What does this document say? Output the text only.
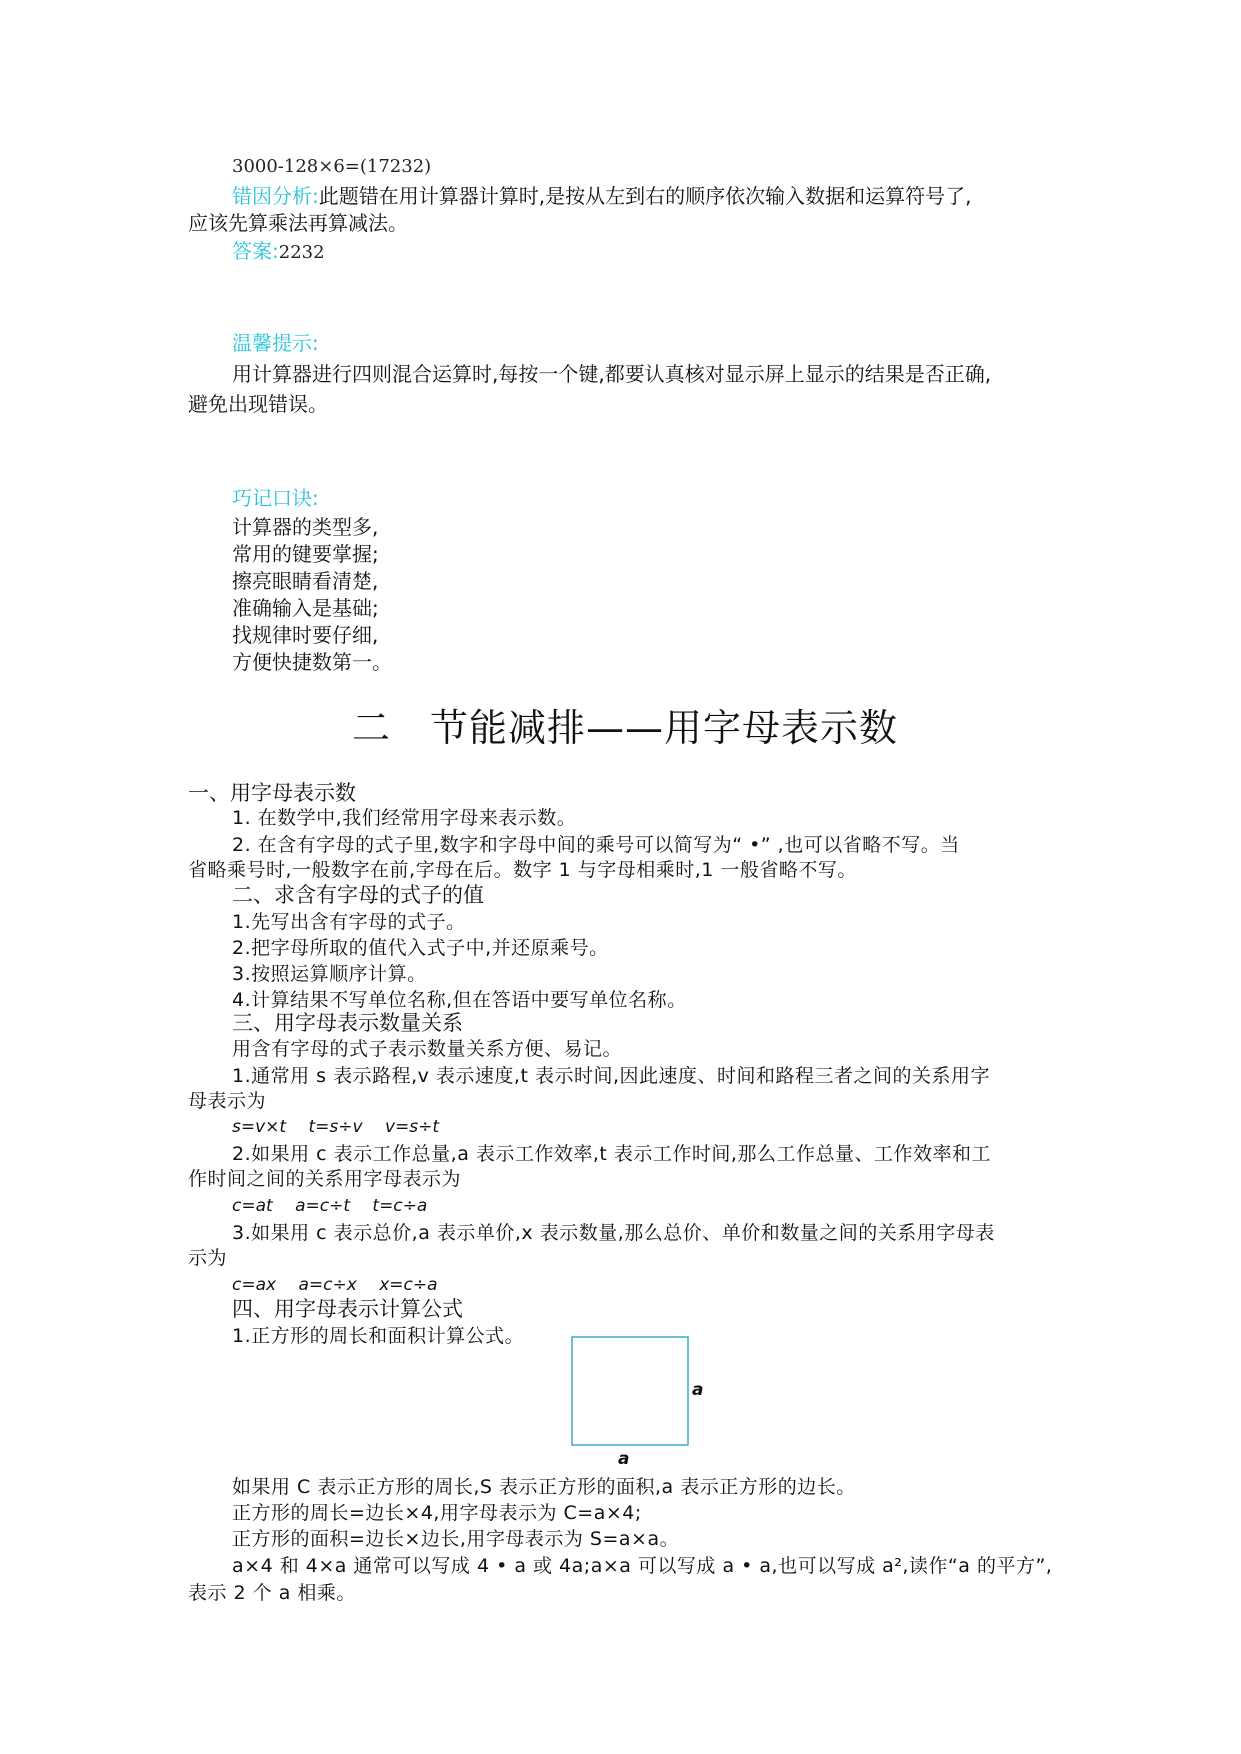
3000-128×6=(17232)
错因分析:此题错在用计算器计算时,是按从左到右的顺序依次输入数据和运算符号了,
应该先算乘法再算减法。
答案:2232
温馨提示:
用计算器进行四则混合运算时,每按一个键,都要认真核对显示屏上显示的结果是否正确,
避免出现错误。
巧记口诀:
计算器的类型多,
常用的键要掌握;
擦亮眼睛看清楚,
准确输入是基础;
找规律时要仔细,
方便快捷数第一。
二　节能减排——用字母表示数
一、用字母表示数
1. 在数学中,我们经常用字母来表示数。
2. 在含有字母的式子里,数字和字母中间的乘号可以简写为“ •” ,也可以省略不写。当
省略乘号时,一般数字在前,字母在后。数字 1 与字母相乘时,1 一般省略不写。
二、求含有字母的式子的值
1.先写出含有字母的式子。
2.把字母所取的值代入式子中,并还原乘号。
3.按照运算顺序计算。
4.计算结果不写单位名称,但在答语中要写单位名称。
三、用字母表示数量关系
用含有字母的式子表示数量关系方便、易记。
1.通常用 s 表示路程,v 表示速度,t 表示时间,因此速度、时间和路程三者之间的关系用字
母表示为
s=v×t　 t=s÷v　 v=s÷t
2.如果用 c 表示工作总量,a 表示工作效率,t 表示工作时间,那么工作总量、工作效率和工
作时间之间的关系用字母表示为
c=at　 a=c÷t　 t=c÷a
3.如果用 c 表示总价,a 表示单价,x 表示数量,那么总价、单价和数量之间的关系用字母表
示为
c=ax　 a=c÷x　 x=c÷a
四、用字母表示计算公式
1.正方形的周长和面积计算公式。
a
a
如果用 C 表示正方形的周长,S 表示正方形的面积,a 表示正方形的边长。
正方形的周长=边长×4,用字母表示为 C=a×4;
正方形的面积=边长×边长,用字母表示为 S=a×a。
a×4 和 4×a 通常可以写成 4 • a 或 4a;a×a 可以写成 a • a,也可以写成 a²,读作“a 的平方”,
表示 2 个 a 相乘。
